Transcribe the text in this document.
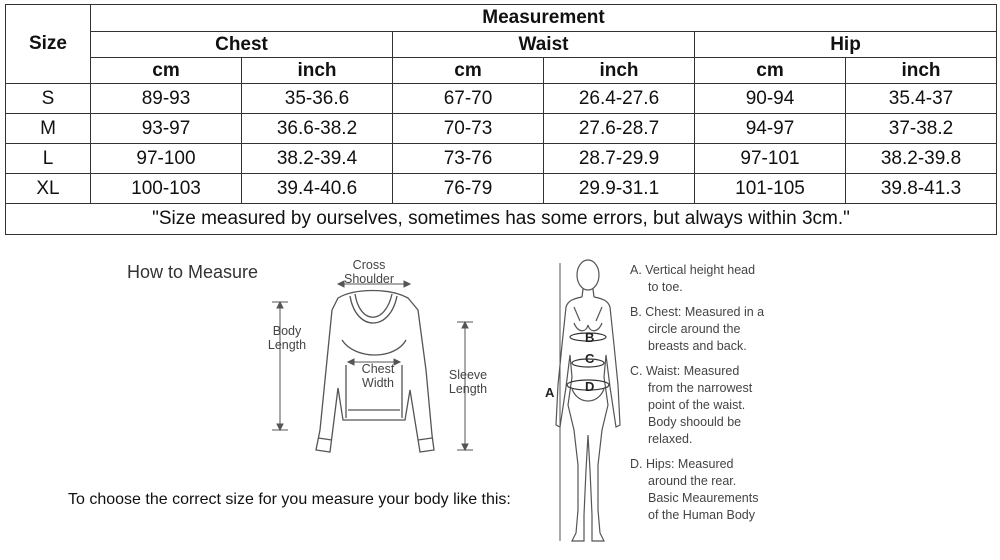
Size	Measurement					
	Chest		Waist		Hip	
	cm	inch	cm	inch	cm	inch
S	89-93	35-36.6	67-70	26.4-27.6	90-94	35.4-37
M	93-97	36.6-38.2	70-73	27.6-28.7	94-97	37-38.2
L	97-100	38.2-39.4	73-76	28.7-29.9	97-101	38.2-39.8
XL	100-103	39.4-40.6	76-79	29.9-31.1	101-105	39.8-41.3
"Size measured by ourselves, sometimes has some errors, but always within 3cm."						
How to Measure	Cross
Shoulder
Body
Length
Chest
Width
Sleeve
Length
To choose the correct size for you measure your body like this:
A
B
C
D
A. Vertical height head
to toe.
B. Chest: Measured in a
circle around the
breasts and back.
C. Waist: Measured
from the narrowest
point of the waist.
Body shoould be
relaxed.
D. Hips: Measured
around the rear.
Basic Meaurements
of the Human Body
